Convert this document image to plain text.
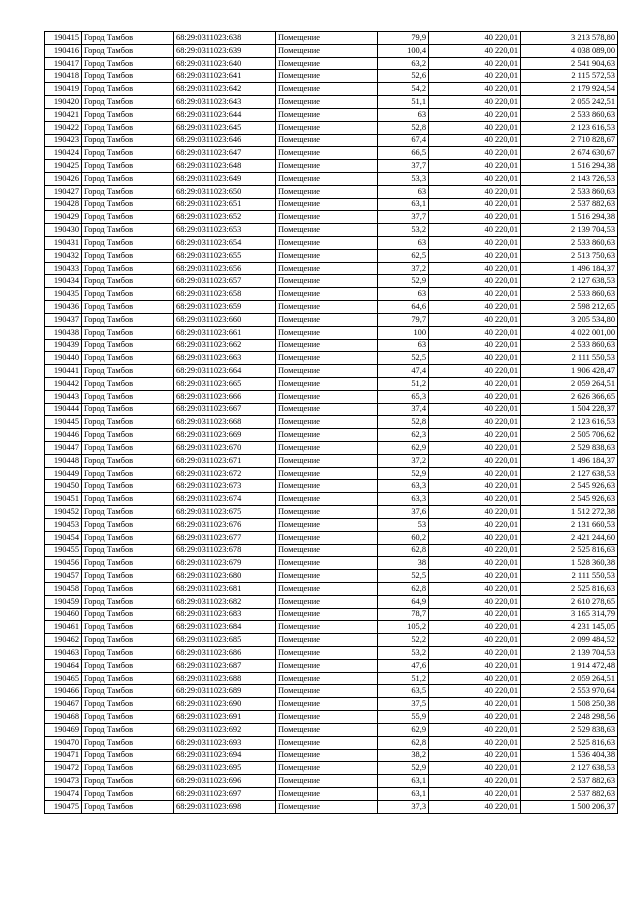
190415	Город Тамбов	68:29:0311023:638	Помещение	79,9	40 220,01	3 213 578,80
190416	Город Тамбов	68:29:0311023:639	Помещение	100,4	40 220,01	4 038 089,00
190417	Город Тамбов	68:29:0311023:640	Помещение	63,2	40 220,01	2 541 904,63
190418	Город Тамбов	68:29:0311023:641	Помещение	52,6	40 220,01	2 115 572,53
190419	Город Тамбов	68:29:0311023:642	Помещение	54,2	40 220,01	2 179 924,54
190420	Город Тамбов	68:29:0311023:643	Помещение	51,1	40 220,01	2 055 242,51
190421	Город Тамбов	68:29:0311023:644	Помещение	63	40 220,01	2 533 860,63
190422	Город Тамбов	68:29:0311023:645	Помещение	52,8	40 220,01	2 123 616,53
190423	Город Тамбов	68:29:0311023:646	Помещение	67,4	40 220,01	2 710 828,67
190424	Город Тамбов	68:29:0311023:647	Помещение	66,5	40 220,01	2 674 630,67
190425	Город Тамбов	68:29:0311023:648	Помещение	37,7	40 220,01	1 516 294,38
190426	Город Тамбов	68:29:0311023:649	Помещение	53,3	40 220,01	2 143 726,53
190427	Город Тамбов	68:29:0311023:650	Помещение	63	40 220,01	2 533 860,63
190428	Город Тамбов	68:29:0311023:651	Помещение	63,1	40 220,01	2 537 882,63
190429	Город Тамбов	68:29:0311023:652	Помещение	37,7	40 220,01	1 516 294,38
190430	Город Тамбов	68:29:0311023:653	Помещение	53,2	40 220,01	2 139 704,53
190431	Город Тамбов	68:29:0311023:654	Помещение	63	40 220,01	2 533 860,63
190432	Город Тамбов	68:29:0311023:655	Помещение	62,5	40 220,01	2 513 750,63
190433	Город Тамбов	68:29:0311023:656	Помещение	37,2	40 220,01	1 496 184,37
190434	Город Тамбов	68:29:0311023:657	Помещение	52,9	40 220,01	2 127 638,53
190435	Город Тамбов	68:29:0311023:658	Помещение	63	40 220,01	2 533 860,63
190436	Город Тамбов	68:29:0311023:659	Помещение	64,6	40 220,01	2 598 212,65
190437	Город Тамбов	68:29:0311023:660	Помещение	79,7	40 220,01	3 205 534,80
190438	Город Тамбов	68:29:0311023:661	Помещение	100	40 220,01	4 022 001,00
190439	Город Тамбов	68:29:0311023:662	Помещение	63	40 220,01	2 533 860,63
190440	Город Тамбов	68:29:0311023:663	Помещение	52,5	40 220,01	2 111 550,53
190441	Город Тамбов	68:29:0311023:664	Помещение	47,4	40 220,01	1 906 428,47
190442	Город Тамбов	68:29:0311023:665	Помещение	51,2	40 220,01	2 059 264,51
190443	Город Тамбов	68:29:0311023:666	Помещение	65,3	40 220,01	2 626 366,65
190444	Город Тамбов	68:29:0311023:667	Помещение	37,4	40 220,01	1 504 228,37
190445	Город Тамбов	68:29:0311023:668	Помещение	52,8	40 220,01	2 123 616,53
190446	Город Тамбов	68:29:0311023:669	Помещение	62,3	40 220,01	2 505 706,62
190447	Город Тамбов	68:29:0311023:670	Помещение	62,9	40 220,01	2 529 838,63
190448	Город Тамбов	68:29:0311023:671	Помещение	37,2	40 220,01	1 496 184,37
190449	Город Тамбов	68:29:0311023:672	Помещение	52,9	40 220,01	2 127 638,53
190450	Город Тамбов	68:29:0311023:673	Помещение	63,3	40 220,01	2 545 926,63
190451	Город Тамбов	68:29:0311023:674	Помещение	63,3	40 220,01	2 545 926,63
190452	Город Тамбов	68:29:0311023:675	Помещение	37,6	40 220,01	1 512 272,38
190453	Город Тамбов	68:29:0311023:676	Помещение	53	40 220,01	2 131 660,53
190454	Город Тамбов	68:29:0311023:677	Помещение	60,2	40 220,01	2 421 244,60
190455	Город Тамбов	68:29:0311023:678	Помещение	62,8	40 220,01	2 525 816,63
190456	Город Тамбов	68:29:0311023:679	Помещение	38	40 220,01	1 528 360,38
190457	Город Тамбов	68:29:0311023:680	Помещение	52,5	40 220,01	2 111 550,53
190458	Город Тамбов	68:29:0311023:681	Помещение	62,8	40 220,01	2 525 816,63
190459	Город Тамбов	68:29:0311023:682	Помещение	64,9	40 220,01	2 610 278,65
190460	Город Тамбов	68:29:0311023:683	Помещение	78,7	40 220,01	3 165 314,79
190461	Город Тамбов	68:29:0311023:684	Помещение	105,2	40 220,01	4 231 145,05
190462	Город Тамбов	68:29:0311023:685	Помещение	52,2	40 220,01	2 099 484,52
190463	Город Тамбов	68:29:0311023:686	Помещение	53,2	40 220,01	2 139 704,53
190464	Город Тамбов	68:29:0311023:687	Помещение	47,6	40 220,01	1 914 472,48
190465	Город Тамбов	68:29:0311023:688	Помещение	51,2	40 220,01	2 059 264,51
190466	Город Тамбов	68:29:0311023:689	Помещение	63,5	40 220,01	2 553 970,64
190467	Город Тамбов	68:29:0311023:690	Помещение	37,5	40 220,01	1 508 250,38
190468	Город Тамбов	68:29:0311023:691	Помещение	55,9	40 220,01	2 248 298,56
190469	Город Тамбов	68:29:0311023:692	Помещение	62,9	40 220,01	2 529 838,63
190470	Город Тамбов	68:29:0311023:693	Помещение	62,8	40 220,01	2 525 816,63
190471	Город Тамбов	68:29:0311023:694	Помещение	38,2	40 220,01	1 536 404,38
190472	Город Тамбов	68:29:0311023:695	Помещение	52,9	40 220,01	2 127 638,53
190473	Город Тамбов	68:29:0311023:696	Помещение	63,1	40 220,01	2 537 882,63
190474	Город Тамбов	68:29:0311023:697	Помещение	63,1	40 220,01	2 537 882,63
190475	Город Тамбов	68:29:0311023:698	Помещение	37,3	40 220,01	1 500 206,37
